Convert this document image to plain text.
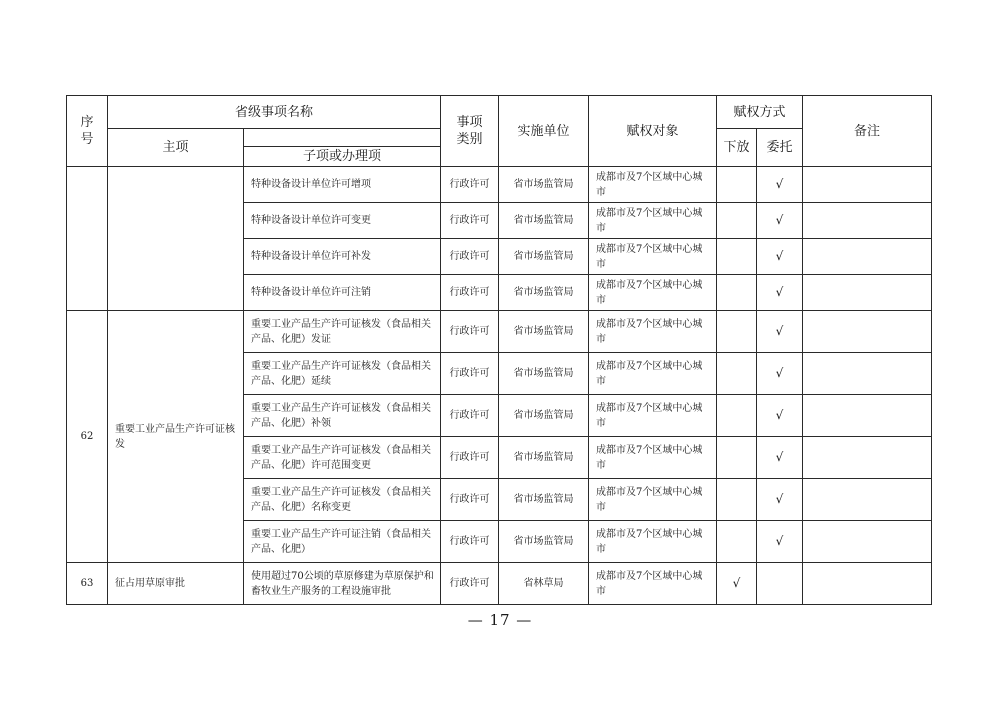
序号	省级事项名称		事项类别	实施单位	赋权对象	赋权方式		备注
	主项					下放	委托	
		子项或办理项						
		特种设备设计单位许可增项	行政许可	省市场监管局	成都市及7个区域中心城市		√	
		特种设备设计单位许可变更	行政许可	省市场监管局	成都市及7个区域中心城市		√	
		特种设备设计单位许可补发	行政许可	省市场监管局	成都市及7个区域中心城市		√	
		特种设备设计单位许可注销	行政许可	省市场监管局	成都市及7个区域中心城市		√	
62	重要工业产品生产许可证核发	重要工业产品生产许可证核发（食品相关产品、化肥）发证	行政许可	省市场监管局	成都市及7个区域中心城市		√	
		重要工业产品生产许可证核发（食品相关产品、化肥）延续	行政许可	省市场监管局	成都市及7个区域中心城市		√	
		重要工业产品生产许可证核发（食品相关产品、化肥）补领	行政许可	省市场监管局	成都市及7个区域中心城市		√	
		重要工业产品生产许可证核发（食品相关产品、化肥）许可范围变更	行政许可	省市场监管局	成都市及7个区域中心城市		√	
		重要工业产品生产许可证核发（食品相关产品、化肥）名称变更	行政许可	省市场监管局	成都市及7个区域中心城市		√	
		重要工业产品生产许可证注销（食品相关产品、化肥）	行政许可	省市场监管局	成都市及7个区域中心城市		√	
63	征占用草原审批	使用超过70公顷的草原修建为草原保护和畜牧业生产服务的工程设施审批	行政许可	省林草局	成都市及7个区域中心城市	√		
— 17 —
